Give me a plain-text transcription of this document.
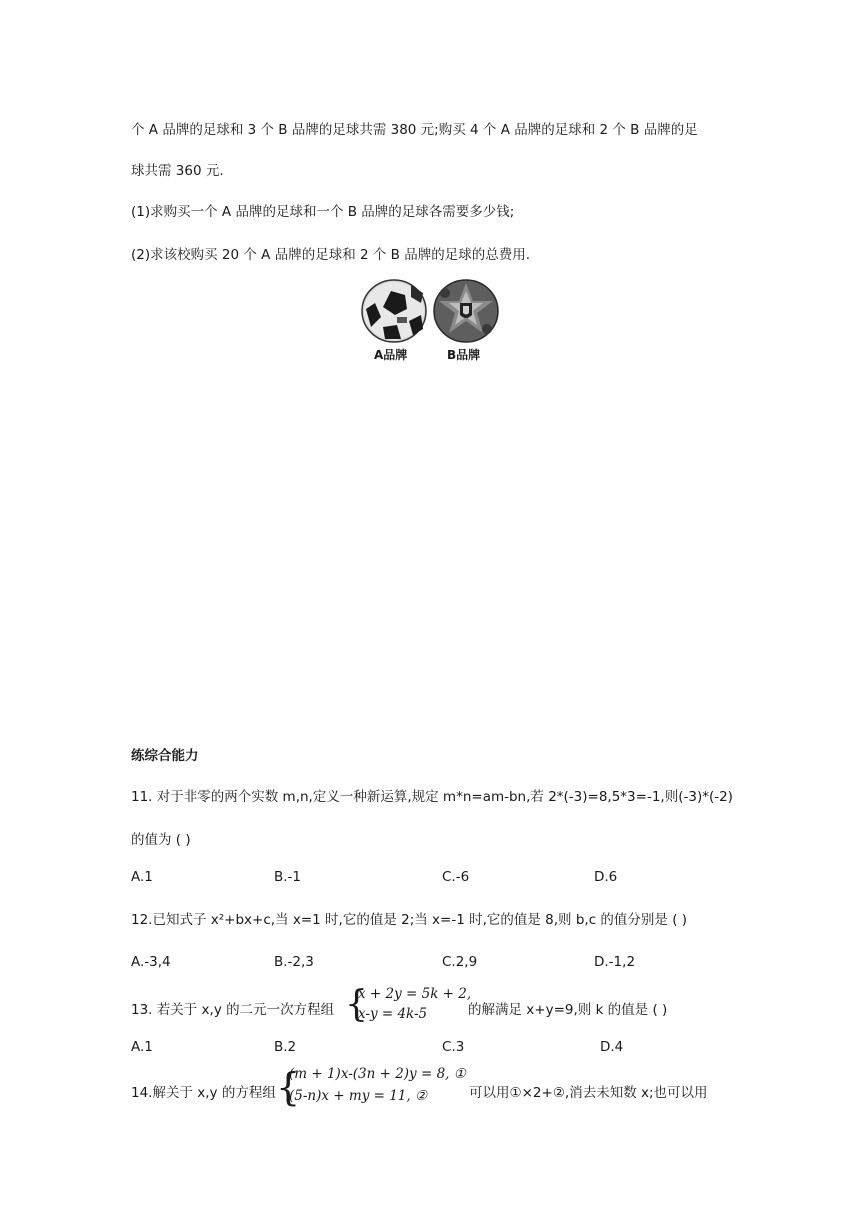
个 A 品牌的足球和 3 个 B 品牌的足球共需 380 元;购买 4 个 A 品牌的足球和 2 个 B 品牌的足
球共需 360 元.
(1)求购买一个 A 品牌的足球和一个 B 品牌的足球各需要多少钱;
(2)求该校购买 20 个 A 品牌的足球和 2 个 B 品牌的足球的总费用.
A品牌	B品牌
练综合能力
11. 对于非零的两个实数 m,n,定义一种新运算,规定 m*n=am-bn,若 2*(-3)=8,5*3=-1,则(-3)*(-2)
的值为 ( )
A.1	B.-1	C.-6	D.6
12.已知式子 x²+bx+c,当 x=1 时,它的值是 2;当 x=-1 时,它的值是 8,则 b,c 的值分别是 ( )
A.-3,4	B.-2,3	C.2,9	D.-1,2
13. 若关于 x,y 的二元一次方程组 {
x + 2y = 5k + 2,
x-y = 4k-5	的解满足 x+y=9,则 k 的值是 ( )
A.1	B.2	C.3	D.4
14.解关于 x,y 的方程组 {
(m + 1)x-(3n + 2)y = 8, ①
(5-n)x + my = 11, ②	可以用①×2+②,消去未知数 x;也可以用
